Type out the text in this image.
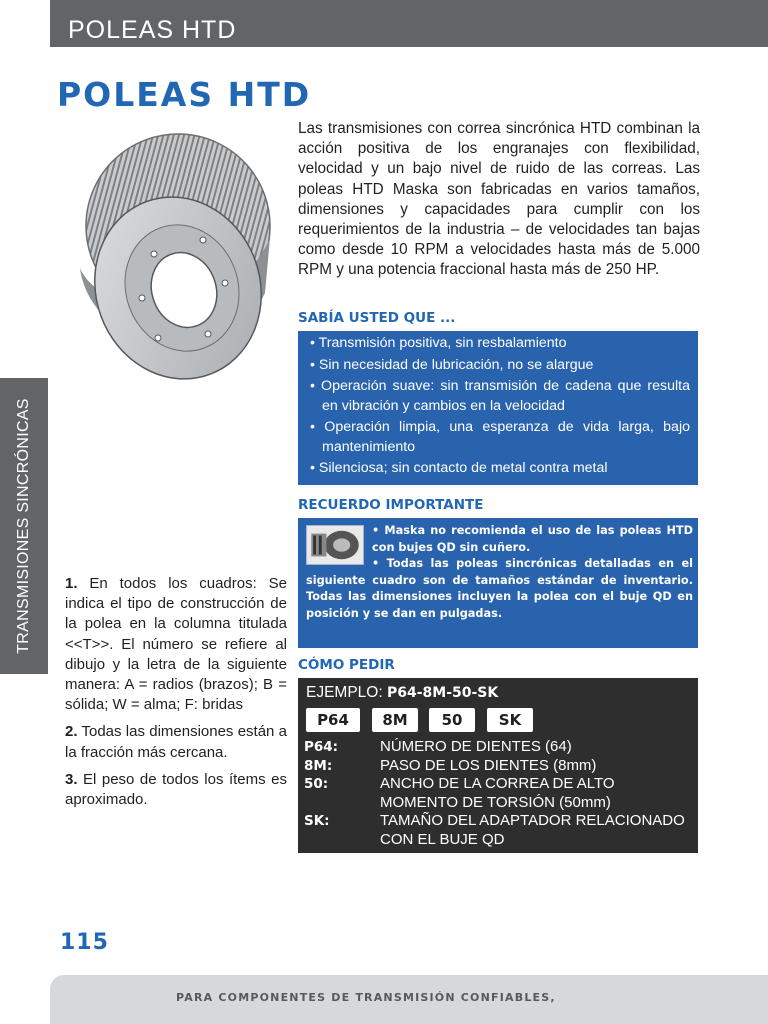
POLEAS HTD
POLEAS HTD
Las transmisiones con correa sincrónica HTD combinan la acción positiva de los engranajes con flexibilidad, velocidad y un bajo nivel de ruido de las correas. Las poleas HTD Maska son fabricadas en varios tamaños, dimensiones y capacidades para cumplir con los requerimientos de la industria – de velocidades tan bajas como desde 10 RPM a velocidades hasta más de 5.000 RPM y una potencia fraccional hasta más de 250 HP.
SABÍA USTED QUE ...
• Transmisión positiva, sin resbalamiento
• Sin necesidad de lubricación, no se alargue
• Operación suave: sin transmisión de cadena que resulta en vibración y cambios en la velocidad
• Operación limpia, una esperanza de vida larga, bajo mantenimiento
• Silenciosa; sin contacto de metal contra metal
RECUERDO IMPORTANTE

• Maska no recomienda el uso de las poleas HTD con bujes QD sin cuñero.

• Todas las poleas sincrónicas detalladas en el siguiente cuadro son de tamaños estándar de inventario. Todas las dimensiones incluyen la polea con el buje QD en posición y se dan en pulgadas.

TRANSMISIONES SINCRÓNICAS 1. En todos los cuadros: Se indica el tipo de construcción de la polea en la columna titulada <<T>>. El número se refiere al dibujo y la letra de la siguiente manera: A = radios (brazos); B = sólida; W = alma; F: bridas

2. Todas las dimensiones están a la fracción más cercana.

3. El peso de todos los ítems es aproximado.

CÓMO PEDIR
EJEMPLO: P64-8M-50-SK
P64	8M	50	SK
P64:	NÚMERO DE DIENTES (64)
8M:	PASO DE LOS DIENTES (8mm)
50:	ANCHO DE LA CORREA DE ALTO MOMENTO DE TORSIÓN (50mm)
SK:	TAMAÑO DEL ADAPTADOR RELACIONADO CON EL BUJE QD
115
PARA COMPONENTES DE TRANSMISIÓN CONFIABLES,
